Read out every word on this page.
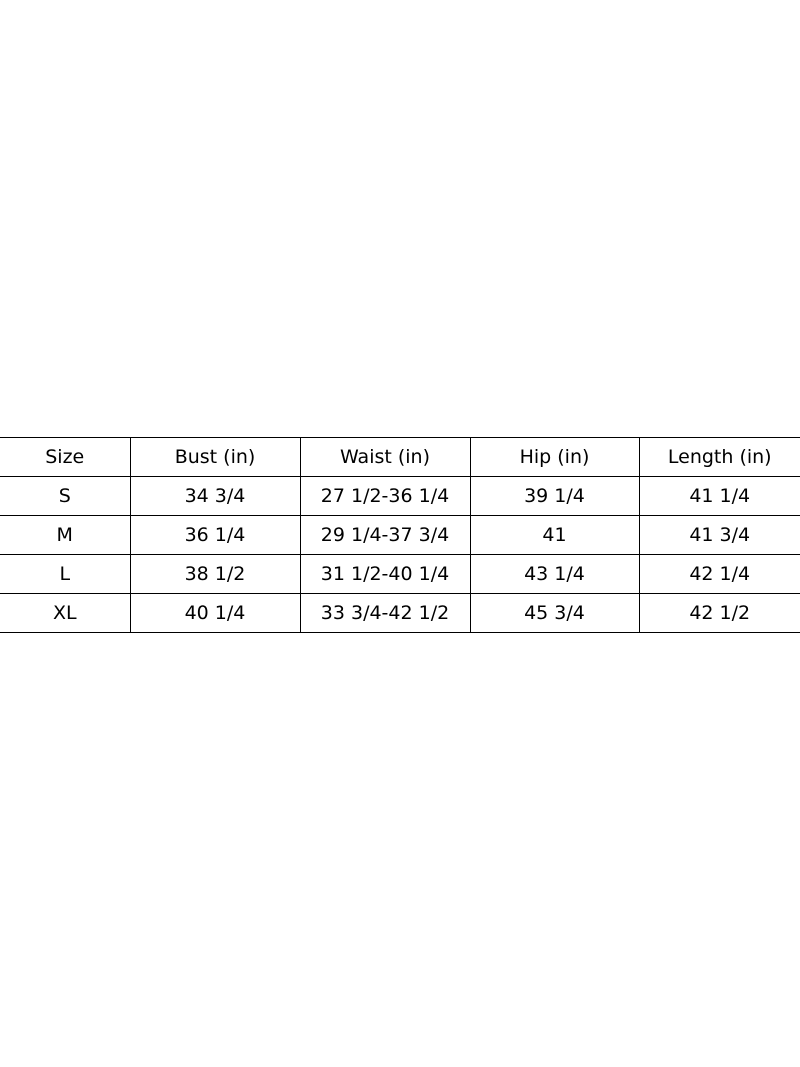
Size	Bust (in)	Waist (in)	Hip (in)	Length (in)
S	34 3/4	27 1/2-36 1/4	39 1/4	41 1/4
M	36 1/4	29 1/4-37 3/4	41	41 3/4
L	38 1/2	31 1/2-40 1/4	43 1/4	42 1/4
XL	40 1/4	33 3/4-42 1/2	45 3/4	42 1/2
